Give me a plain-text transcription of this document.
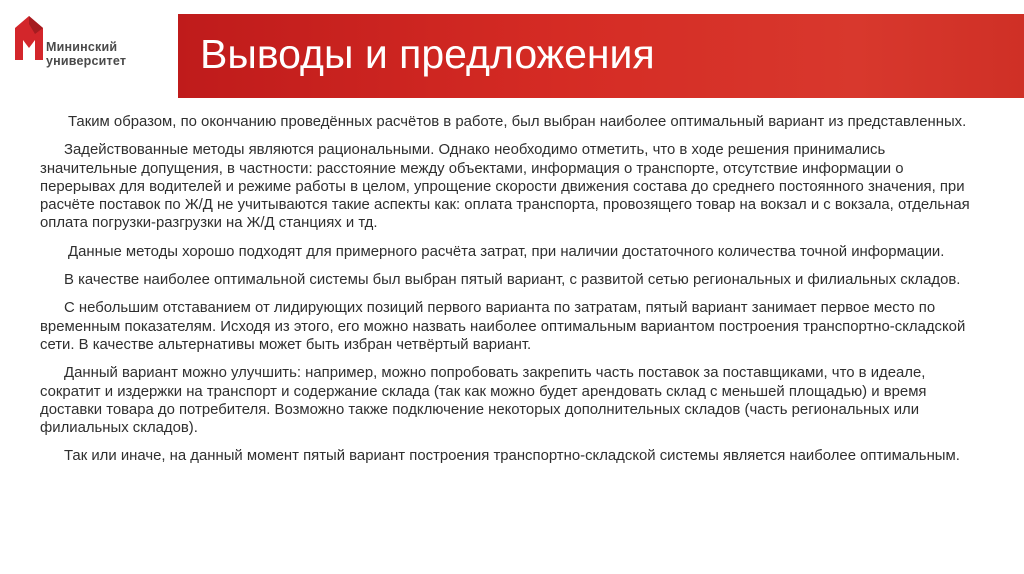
Мининский
университет Выводы и предложения

Таким образом, по окончанию проведённых расчётов в работе, был выбран наиболее оптимальный вариант из представленных.

Задействованные методы являются рациональными. Однако необходимо отметить, что в ходе решения принимались значительные допущения, в частности: расстояние между объектами, информация о транспорте, отсутствие информации о перерывах для водителей и режиме работы в целом, упрощение скорости движения состава до среднего постоянного значения, при расчёте поставок по Ж/Д не учитываются такие аспекты как: оплата транспорта, провозящего товар на вокзал и с вокзала, отдельная оплата погрузки-разгрузки на Ж/Д станциях и тд.

Данные методы хорошо подходят для примерного расчёта затрат, при наличии достаточного количества точной информации.

В качестве наиболее оптимальной системы был выбран пятый вариант, с развитой сетью региональных и филиальных складов.

С небольшим отставанием от лидирующих позиций первого варианта по затратам, пятый вариант занимает первое место по временным показателям. Исходя из этого, его можно назвать наиболее оптимальным вариантом построения транспортно-складской сети. В качестве альтернативы может быть избран четвёртый вариант.

Данный вариант можно улучшить: например, можно попробовать закрепить часть поставок за поставщиками, что в идеале, сократит и издержки на транспорт и содержание склада (так как можно будет арендовать склад с меньшей площадью) и время доставки товара до потребителя. Возможно также подключение некоторых дополнительных складов (часть региональных или филиальных складов).

Так или иначе, на данный момент пятый вариант построения транспортно-складской системы является наиболее оптимальным.
